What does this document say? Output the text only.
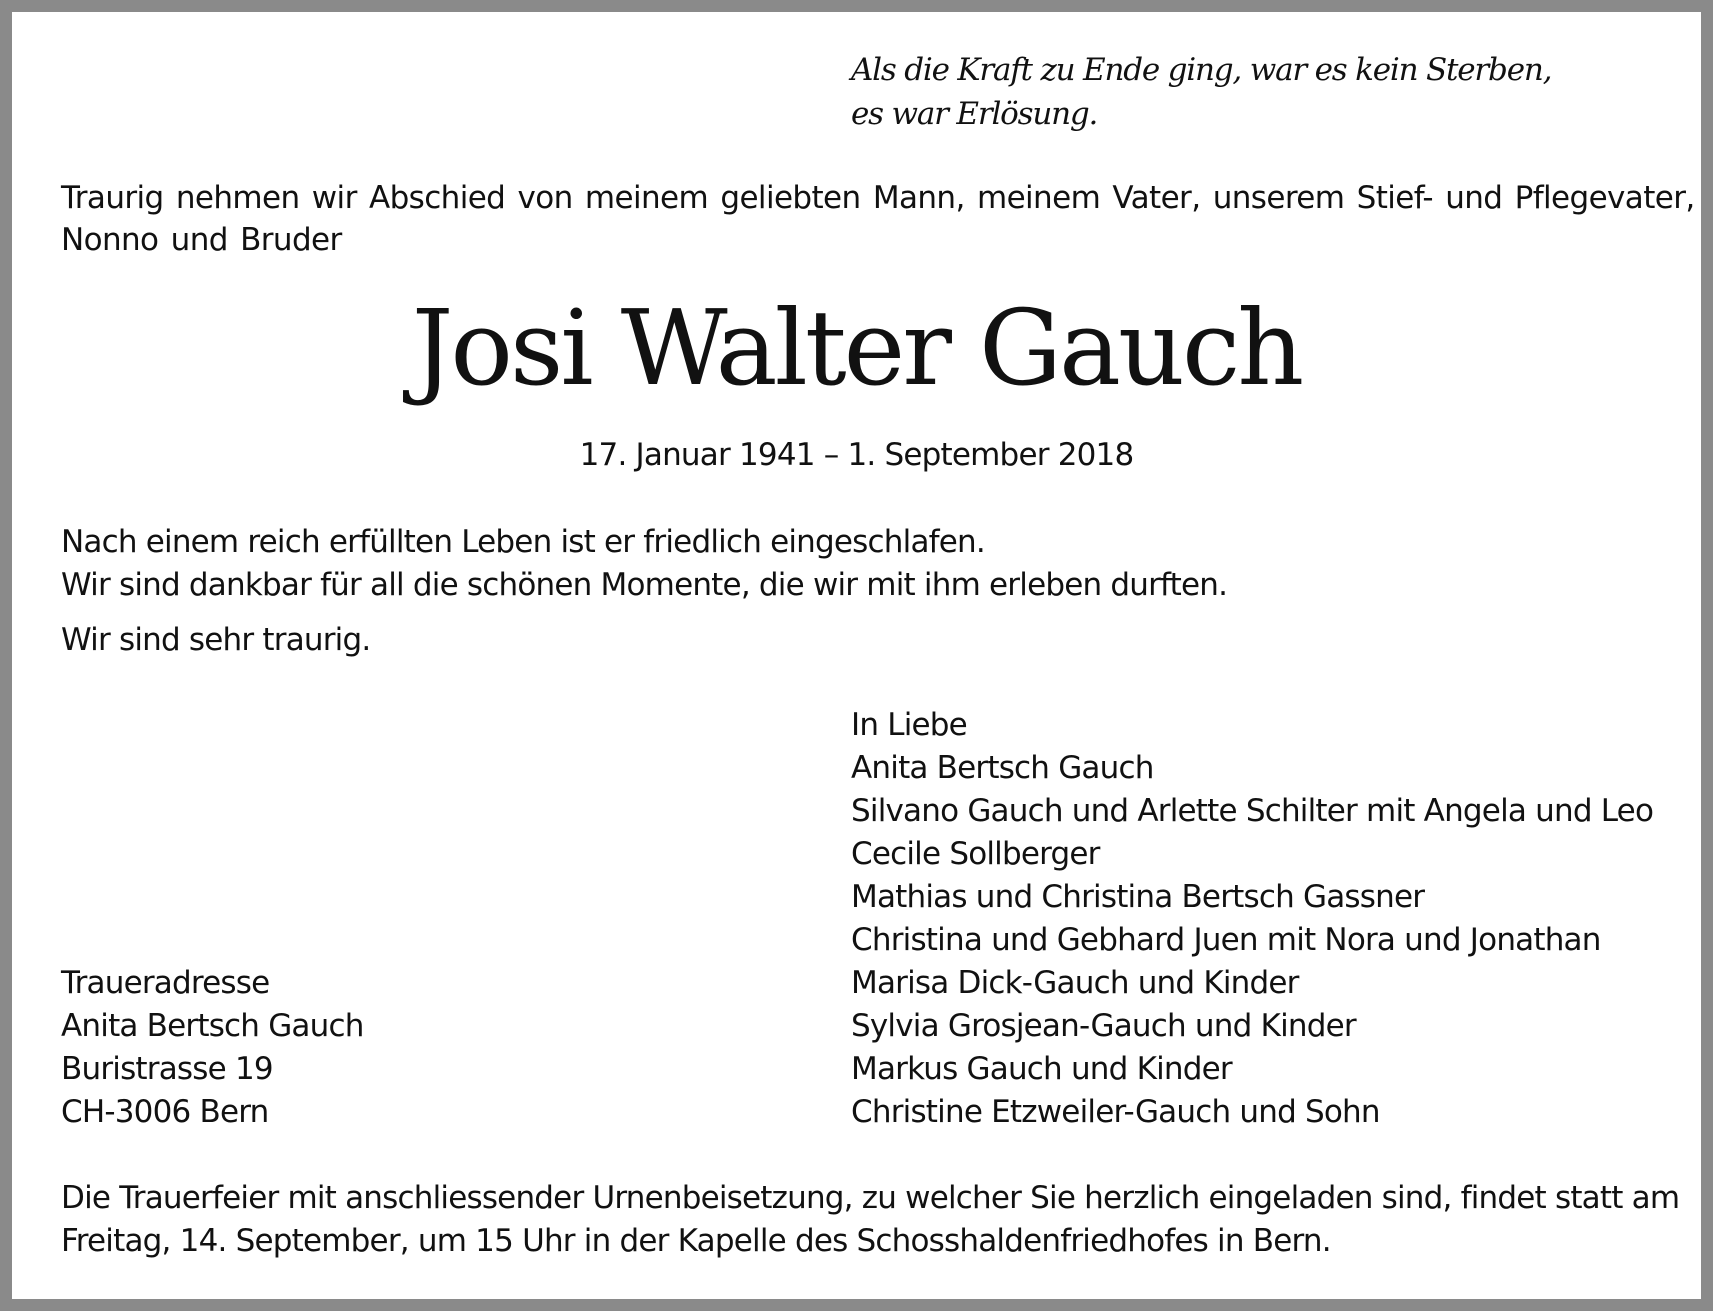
Als die Kraft zu Ende ging, war es kein Sterben,
es war Erlösung.
Traurig nehmen wir Abschied von meinem geliebten Mann, meinem Vater, unserem Stief- und Pflegevater,
Nonno und Bruder
Josi Walter Gauch
17. Januar 1941 – 1. September 2018
Nach einem reich erfüllten Leben ist er friedlich eingeschlafen.
Wir sind dankbar für all die schönen Momente, die wir mit ihm erleben durften.
Wir sind sehr traurig.
In Liebe
Anita Bertsch Gauch
Silvano Gauch und Arlette Schilter mit Angela und Leo
Cecile Sollberger
Mathias und Christina Bertsch Gassner
Christina und Gebhard Juen mit Nora und Jonathan
Marisa Dick-Gauch und Kinder
Sylvia Grosjean-Gauch und Kinder
Markus Gauch und Kinder
Christine Etzweiler-Gauch und Sohn
Traueradresse
Anita Bertsch Gauch
Buristrasse 19
CH-3006 Bern
Die Trauerfeier mit anschliessender Urnenbeisetzung, zu welcher Sie herzlich eingeladen sind, findet statt am
Freitag, 14. September, um 15 Uhr in der Kapelle des Schosshaldenfriedhofes in Bern.
